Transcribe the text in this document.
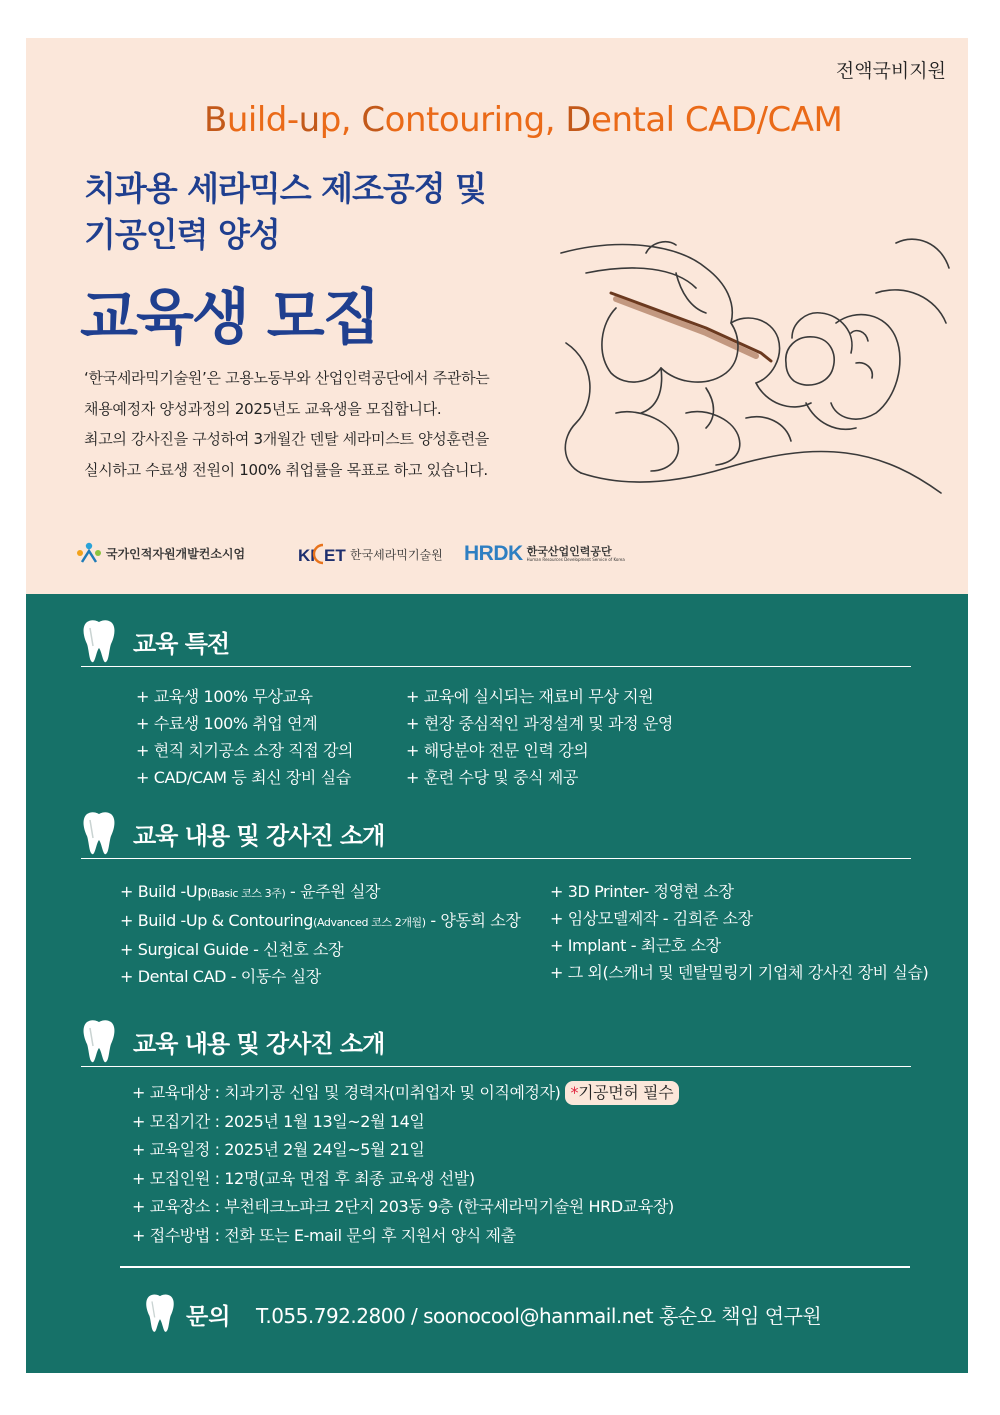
전액국비지원
Build-up, Contouring, Dental CAD/CAM
치과용 세라믹스 제조공정 및
기공인력 양성
교육생 모집
‘한국세라믹기술원’은 고용노동부와 산업인력공단에서 주관하는
채용예정자 양성과정의 2025년도 교육생을 모집합니다.
최고의 강사진을 구성하여 3개월간 덴탈 세라미스트 양성훈련을
실시하고 수료생 전원이 100% 취업률을 목표로 하고 있습니다.
국가인적자원개발컨소시엄	KI ET 한국세라믹기술원 HRDK 한국산업인력공단
Human Resources Development Service of Korea
교육 특전
+ 교육생 100% 무상교육
+ 수료생 100% 취업 연계
+ 현직 치기공소 소장 직접 강의
+ CAD/CAM 등 최신 장비 실습
+ 교육에 실시되는 재료비 무상 지원
+ 현장 중심적인 과정설계 및 과정 운영
+ 해당분야 전문 인력 강의
+ 훈련 수당 및 중식 제공
교육 내용 및 강사진 소개
+ Build -Up(Basic 코스 3주) - 윤주원 실장
+ Build -Up & Contouring(Advanced 코스 2개월) - 양동희 소장
+ Surgical Guide - 신천호 소장
+ Dental CAD - 이동수 실장
+ 3D Printer- 정영현 소장
+ 임상모델제작 - 김희준 소장
+ Implant - 최근호 소장
+ 그 외(스캐너 및 덴탈밀링기 기업체 강사진 장비 실습)
교육 내용 및 강사진 소개
+ 교육대상 : 치과기공 신입 및 경력자(미취업자 및 이직예정자) *기공면허 필수
+ 모집기간 : 2025년 1월 13일~2월 14일
+ 교육일정 : 2025년 2월 24일~5월 21일
+ 모집인원 : 12명(교육 면접 후 최종 교육생 선발)
+ 교육장소 : 부천테크노파크 2단지 203동 9층 (한국세라믹기술원 HRD교육장)
+ 접수방법 : 전화 또는 E-mail 문의 후 지원서 양식 제출
문의 T.055.792.2800 / soonocool@hanmail.net 홍순오 책임 연구원
